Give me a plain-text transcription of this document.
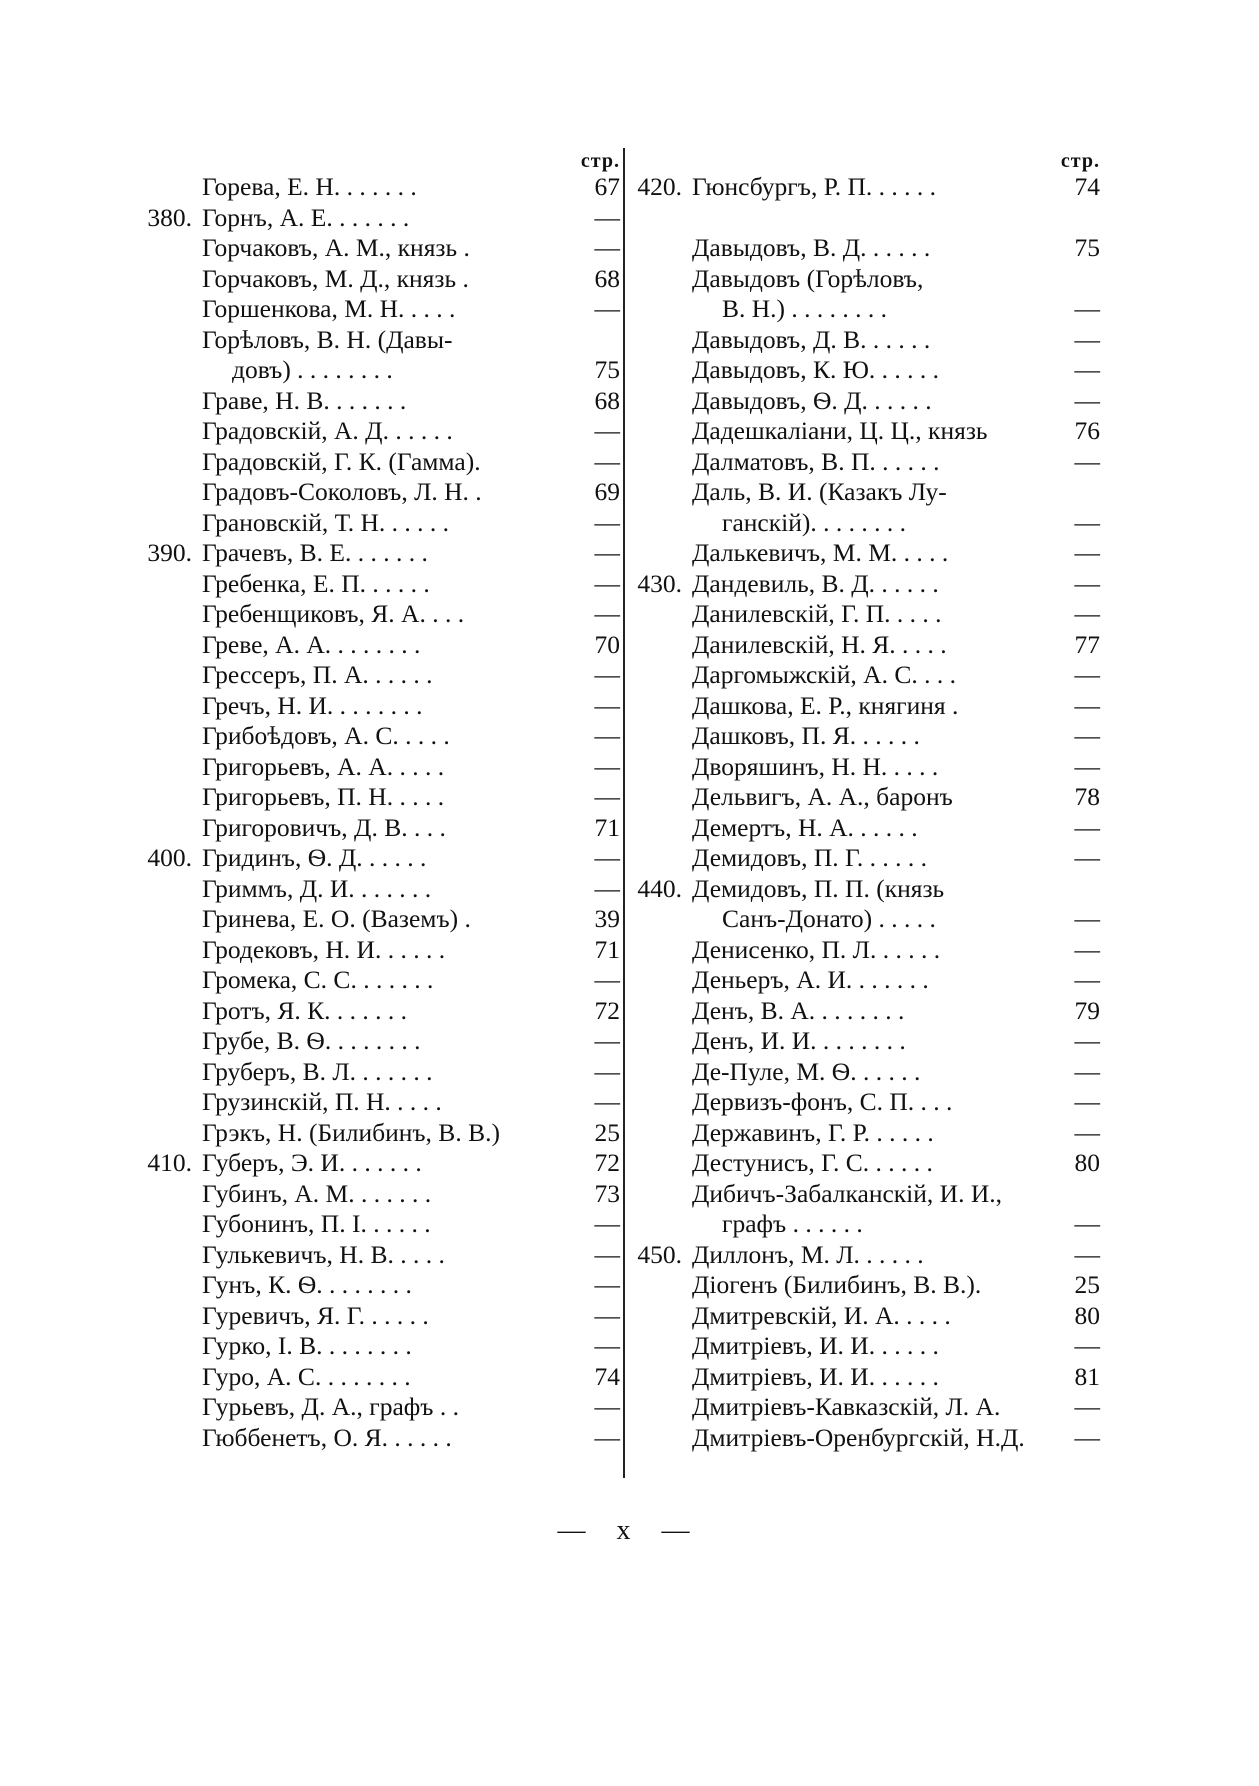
стр.
Горева, Е. Н. . . . . . .	67
380. Горнъ, А. Е. . . . . . .	—
Горчаковъ, А. М., князь .	—
Горчаковъ, М. Д., князь .	68
Горшенкова, М. Н. . . . .	—
Горѣловъ, В. Н. (Давы-
довъ) . . . . . . . .	75
Граве, Н. В. . . . . . .	68
Градовскій, А. Д. . . . . .	—
Градовскій, Г. К. (Гамма).	—
Градовъ-Соколовъ, Л. Н. .	69
Грановскій, Т. Н. . . . . .	—
390. Грачевъ, В. Е. . . . . . .	—
Гребенка, Е. П. . . . . .	—
Гребенщиковъ, Я. А. . . .	—
Греве, А. А. . . . . . . .	70
Грессеръ, П. А. . . . . .	—
Гречъ, Н. И. . . . . . . .	—
Грибоѣдовъ, А. С. . . . .	—
Григорьевъ, А. А. . . . .	—
Григорьевъ, П. Н. . . . .	—
Григоровичъ, Д. В. . . .	71
400. Гридинъ, Ѳ. Д. . . . . .	—
Гриммъ, Д. И. . . . . . .	—
Гриневa, Е. О. (Ваземъ) .	39
Гродековъ, Н. И. . . . . .	71
Громека, С. С. . . . . . .	—
Гротъ, Я. К. . . . . . .	72
Грубе, В. Ѳ. . . . . . . .	—
Груберъ, В. Л. . . . . . .	—
Грузинскій, П. Н. . . . .	—
Грэкъ, Н. (Билибинъ, В. В.)	25
410. Губеръ, Э. И. . . . . . .	72
Губинъ, А. М. . . . . . .	73
Губонинъ, П. І. . . . . .	—
Гулькевичъ, Н. В. . . . .	—
Гунъ, К. Ѳ. . . . . . . .	—
Гуревичъ, Я. Г. . . . . .	—
Гурко, І. В. . . . . . . .	—
Гуро, А. С. . . . . . . .	74
Гурьевъ, Д. А., графъ . .	—
Гюббенетъ, О. Я. . . . . .	—
стр.
420. Гюнсбургъ, Р. П. . . . . .	74
Давыдовъ, В. Д. . . . . .	75
Давыдовъ (Горѣловъ,
В. Н.) . . . . . . . .	—
Давыдовъ, Д. В. . . . . .	—
Давыдовъ, К. Ю. . . . . .	—
Давыдовъ, Ѳ. Д. . . . . .	—
Дадешкаліани, Ц. Ц., князь	76
Далматовъ, В. П. . . . . .	—
Даль, В. И. (Казакъ Лу-
ганскій). . . . . . . .	—
Далькевичъ, М. М. . . . .	—
430. Дандевиль, В. Д. . . . . .	—
Данилевскій, Г. П. . . . .	—
Данилевскій, Н. Я. . . . .	77
Даргомыжскій, А. С. . . .	—
Дашкова, Е. Р., княгиня .	—
Дашковъ, П. Я. . . . . .	—
Дворяшинъ, Н. Н. . . . .	—
Дельвигъ, А. А., баронъ	78
Демертъ, Н. А. . . . . .	—
Демидовъ, П. Г. . . . . .	—
440. Демидовъ, П. П. (князь
Санъ-Донато) . . . . .	—
Денисенко, П. Л. . . . . .	—
Деньеръ, А. И. . . . . . .	—
Денъ, В. А. . . . . . . .	79
Денъ, И. И. . . . . . . .	—
Де-Пуле, М. Ѳ. . . . . .	—
Дервизъ-фонъ, С. П. . . .	—
Державинъ, Г. Р. . . . . .	—
Дестунисъ, Г. С. . . . . .	80
Дибичъ-Забалканскій, И. И.,
графъ . . . . . .	—
450. Диллонъ, М. Л. . . . . .	—
Діогенъ (Билибинъ, В. В.).	25
Дмитревскій, И. А. . . . .	80
Дмитріевъ, И. И. . . . . .	—
Дмитріевъ, И. И. . . . . .	81
Дмитріевъ-Кавказскій, Л. А.	—
Дмитріевъ-Оренбургскій, Н.Д.	—
— x —
